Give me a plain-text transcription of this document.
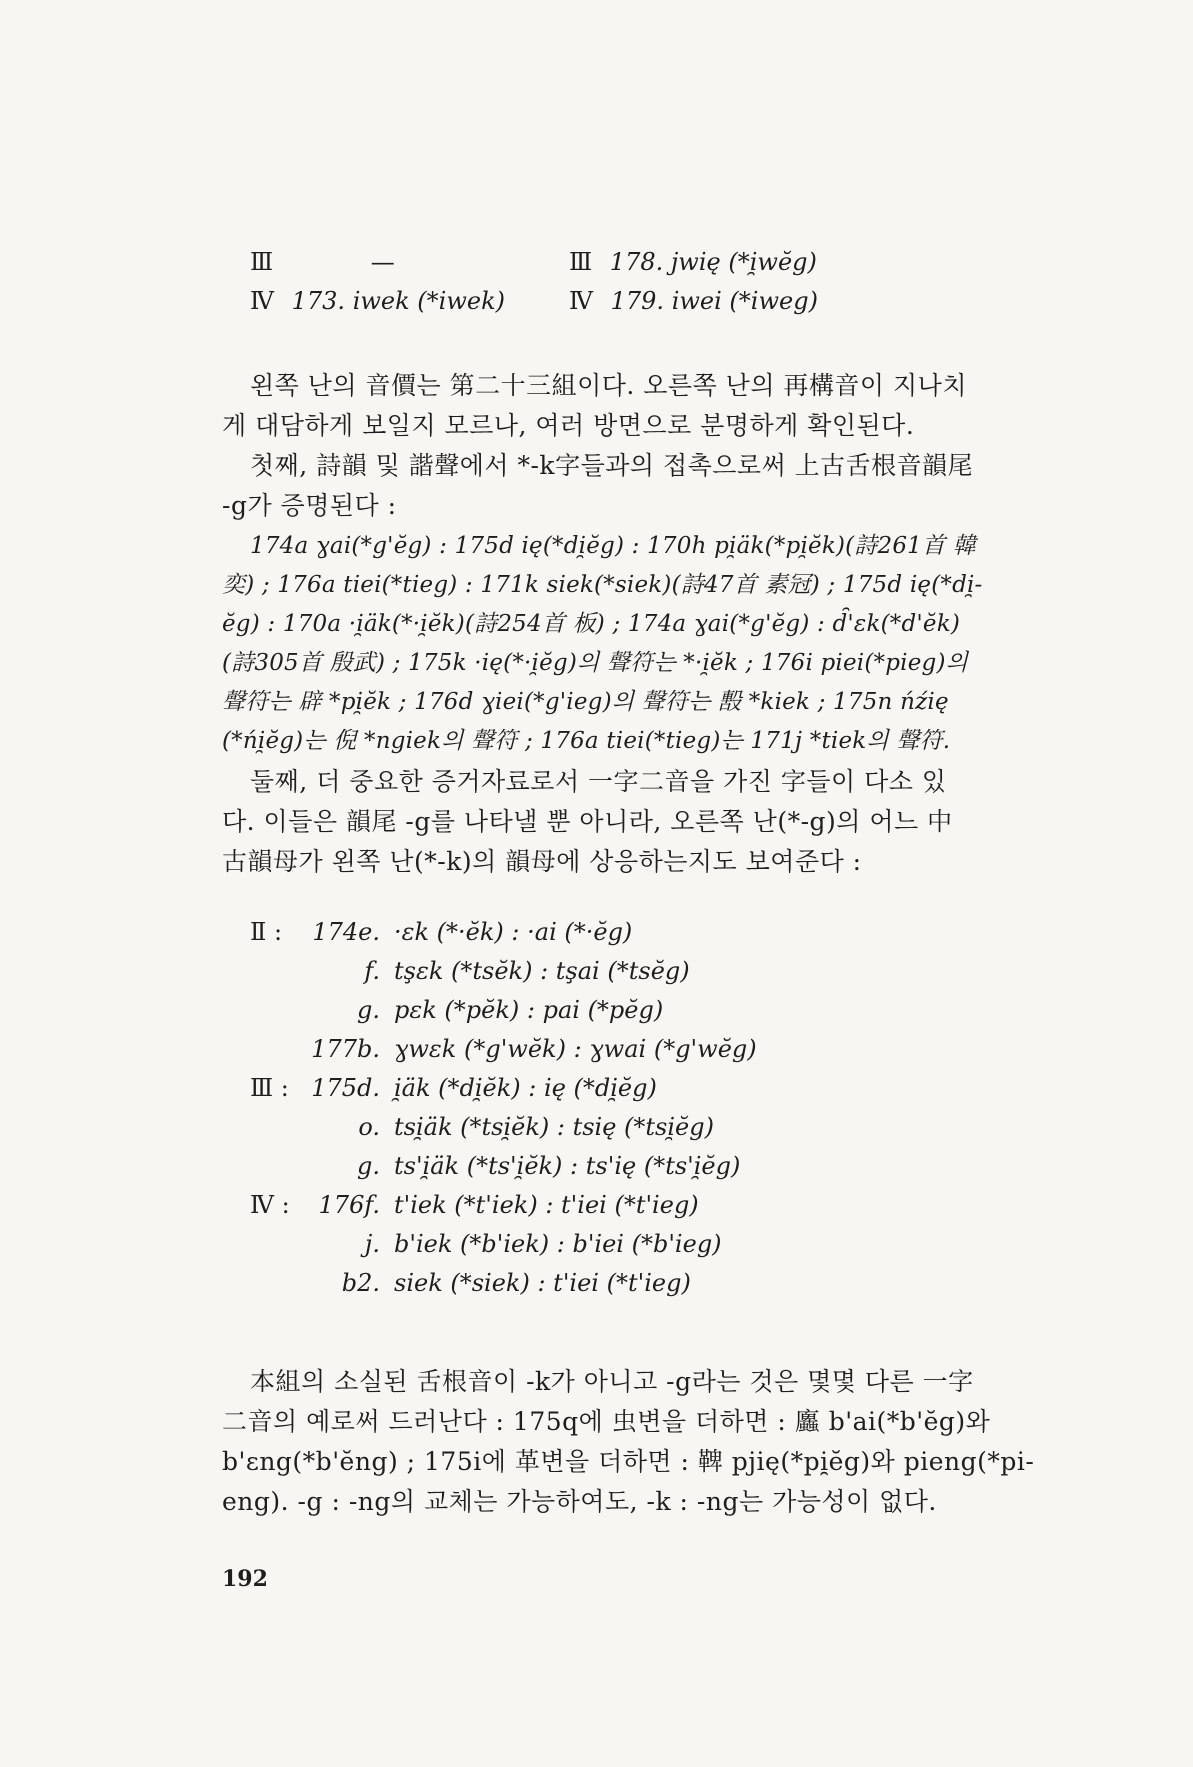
Ⅲ	—	Ⅲ 178. jwię (*i̯wĕg)
Ⅳ 173. iwek (*iwek)	Ⅳ 179. iwei (*iweg)
왼쪽 난의 音價는 第二十三組이다. 오른쪽 난의 再構音이 지나치
게 대담하게 보일지 모르나, 여러 방면으로 분명하게 확인된다.
첫째, 詩韻 및 諧聲에서 *-k字들과의 접촉으로써 上古舌根音韻尾
-g가 증명된다 :
174a ɣai(*g'ĕg) : 175d ię(*di̯ĕg) : 170h pi̯äk(*pi̯ĕk)(詩261首 韓
奕) ; 176a tiei(*tieg) : 171k siek(*siek)(詩47首 素冠) ; 175d ię(*di̯-
ĕg) : 170a ·i̯äk(*·i̯ĕk)(詩254首 板) ; 174a ɣai(*g'ĕg) : d̑'ɛk(*d'ĕk)
(詩305首 殷武) ; 175k ·ię(*·i̯ĕg)의 聲符는 *·i̯ĕk ; 176i piei(*pieg)의
聲符는 辟 *pi̯ĕk ; 176d ɣiei(*g'ieg)의 聲符는 毄 *kiek ; 175n ńźię
(*ńi̯ĕg)는 倪 *ngiek의 聲符 ; 176a tiei(*tieg)는 171j *tiek의 聲符.
둘째, 더 중요한 증거자료로서 一字二音을 가진 字들이 다소 있
다. 이들은 韻尾 -g를 나타낼 뿐 아니라, 오른쪽 난(*-g)의 어느 中
古韻母가 왼쪽 난(*-k)의 韻母에 상응하는지도 보여준다 :
Ⅱ : 174e. ·ɛk (*·ĕk) : ·ai (*·ĕg)
f. tşɛk (*tsĕk) : tşai (*tsĕg)
g. pɛk (*pĕk) : pai (*pĕg)
177b. ɣwɛk (*g'wĕk) : ɣwai (*g'wĕg)
Ⅲ : 175d. i̯äk (*di̯ĕk) : ię (*di̯ĕg)
o. tsi̯äk (*tsi̯ĕk) : tsię (*tsi̯ĕg)
g. ts'i̯äk (*ts'i̯ĕk) : ts'ię (*ts'i̯ĕg)
Ⅳ : 176f. t'iek (*t'iek) : t'iei (*t'ieg)
j. b'iek (*b'iek) : b'iei (*b'ieg)
b2. siek (*siek) : t'iei (*t'ieg)
本組의 소실된 舌根音이 -k가 아니고 -g라는 것은 몇몇 다른 一字
二音의 예로써 드러난다 : 175q에 虫변을 더하면 : 蠯 b'ai(*b'ĕg)와
b'ɛng(*b'ĕng) ; 175i에 革변을 더하면 : 鞞 pjię(*pi̯ĕg)와 pieng(*pi-
eng). -g : -ng의 교체는 가능하여도, -k : -ng는 가능성이 없다.
192
